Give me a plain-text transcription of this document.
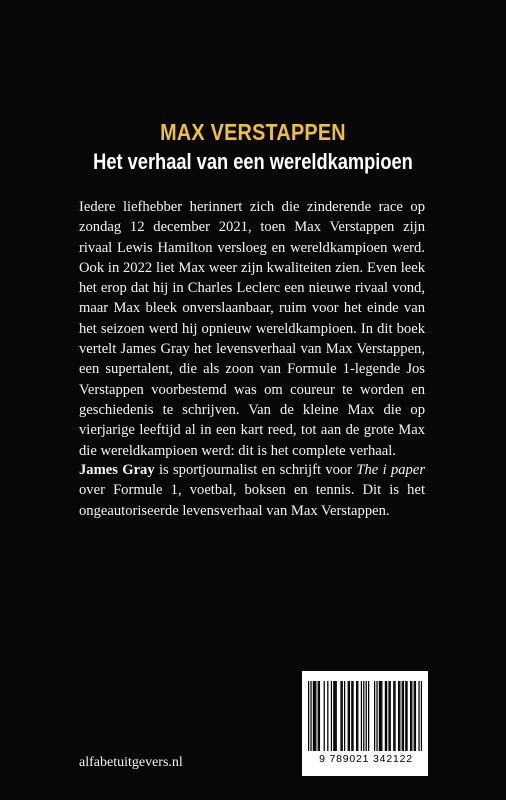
MAX VERSTAPPEN
Het verhaal van een wereldkampioen
Iedere liefhebber herinnert zich die zinderende race op zondag 12 december 2021, toen Max Verstappen zijn rivaal Lewis Hamilton versloeg en wereldkampioen werd. Ook in 2022 liet Max weer zijn kwaliteiten zien. Even leek het erop dat hij in Charles Leclerc een nieuwe rivaal vond, maar Max bleek onverslaanbaar, ruim voor het einde van het seizoen werd hij opnieuw wereldkampioen. In dit boek vertelt James Gray het levensverhaal van Max Verstappen, een supertalent, die als zoon van Formule 1-legende Jos Verstappen voorbestemd was om coureur te worden en geschiedenis te schrijven. Van de kleine Max die op vierjarige leeftijd al in een kart reed, tot aan de grote Max die wereldkampioen werd: dit is het complete verhaal.
James Gray is sportjournalist en schrijft voor The i paper over Formule 1, voetbal, boksen en tennis. Dit is het ongeautoriseerde levensverhaal van Max Verstappen.
alfabetuitgevers.nl	9 789021 342122
